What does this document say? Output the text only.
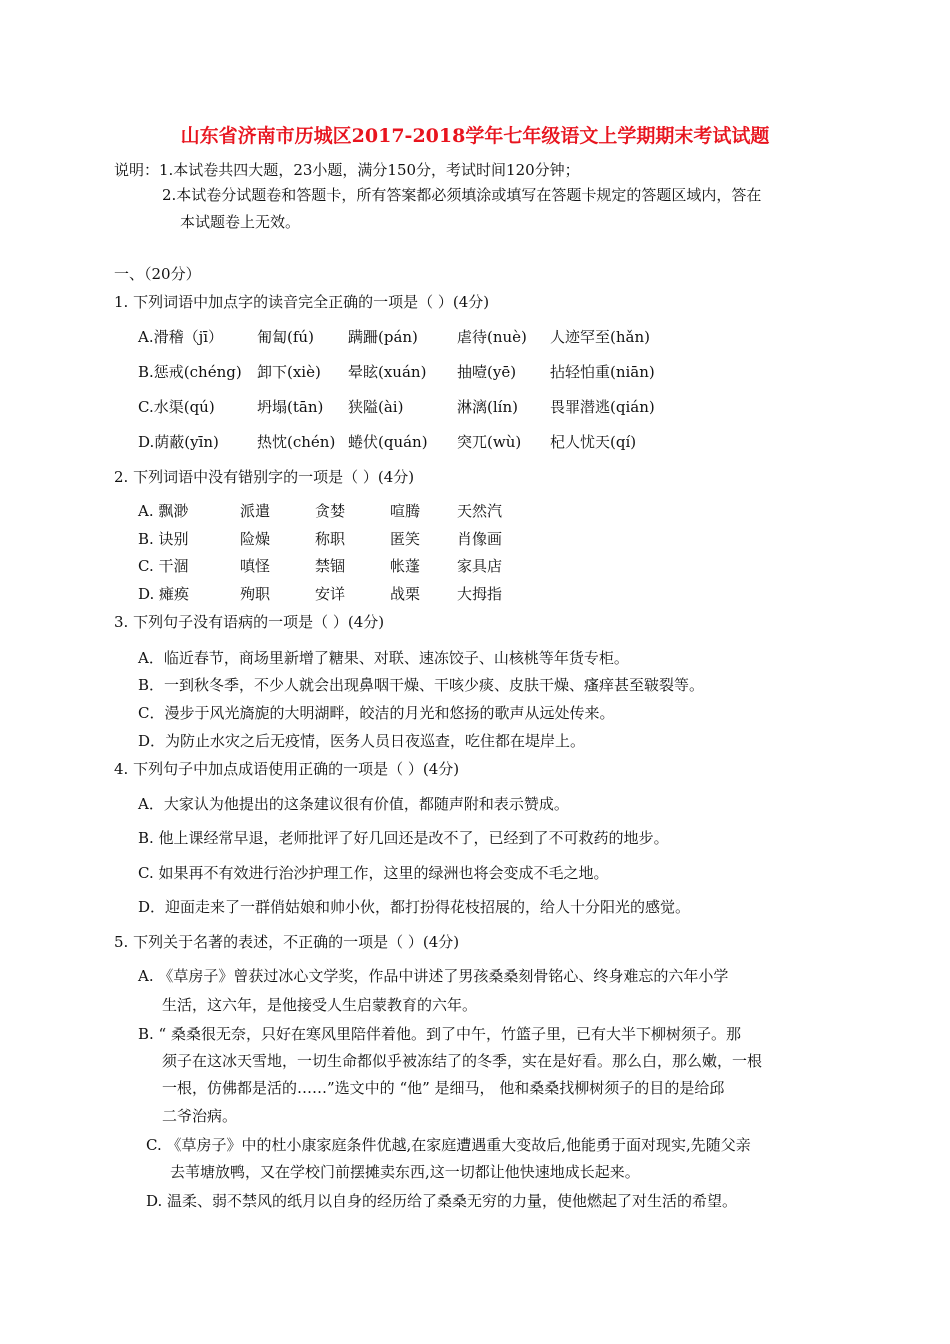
山东省济南市历城区2017-2018学年七年级语文上学期期末考试试题
说明：1.本试卷共四大题，23小题，满分150分，考试时间120分钟；
2.本试卷分试题卷和答题卡，所有答案都必须填涂或填写在答题卡规定的答题区域内，答在
本试题卷上无效。
一、（20分）
1. 下列词语中加点字的读音完全正确的一项是（ ）(4分)
A.滑稽（jī） 匍匐(fú) 蹒跚(pán)	虐待(nuè) 人迹罕至(hǎn)
B.惩戒(chéng) 卸下(xiè) 晕眩(xuán) 抽噎(yē) 拈轻怕重(niān)
C.水渠(qú)	坍塌(tān) 狭隘(ài)	淋漓(lín) 畏罪潜逃(qián)
D.荫蔽(yīn)	热忱(chén) 蜷伏(quán) 突兀(wù) 杞人忧天(qí)
2. 下列词语中没有错别字的一项是（ ）(4分)
A. 飘渺	派遣	贪婪	喧腾 天然汽
B. 诀别	险燥	称职	匿笑 肖像画
C. 干涸	嗔怪	禁锢	帐蓬 家具店
D. 瘫痪	殉职	安详	战栗 大拇指
3. 下列句子没有语病的一项是（ ）(4分)
A．临近春节，商场里新增了糖果、对联、速冻饺子、山核桃等年货专柜。
B．一到秋冬季，不少人就会出现鼻咽干燥、干咳少痰、皮肤干燥、瘙痒甚至皲裂等。
C．漫步于风光旖旎的大明湖畔，皎洁的月光和悠扬的歌声从远处传来。
D．为防止水灾之后无疫情，医务人员日夜巡查，吃住都在堤岸上。
4. 下列句子中加点成语使用正确的一项是（ ）(4分)
A．大家认为他提出的这条建议很有价值，都随声附和表示赞成。
B. 他上课经常早退，老师批评了好几回还是改不了，已经到了不可救药的地步。
C. 如果再不有效进行治沙护理工作，这里的绿洲也将会变成不毛之地。
D．迎面走来了一群俏姑娘和帅小伙，都打扮得花枝招展的，给人十分阳光的感觉。
5. 下列关于名著的表述，不正确的一项是（ ）(4分)
A. 《草房子》曾获过冰心文学奖，作品中讲述了男孩桑桑刻骨铭心、终身难忘的六年小学
生活，这六年，是他接受人生启蒙教育的六年。
B. “ 桑桑很无奈，只好在寒风里陪伴着他。到了中午，竹篮子里，已有大半下柳树须子。那
须子在这冰天雪地，一切生命都似乎被冻结了的冬季，实在是好看。那么白，那么嫩，一根
一根，仿佛都是活的……”选文中的 “他” 是细马， 他和桑桑找柳树须子的目的是给邱
二爷治病。
C. 《草房子》中的杜小康家庭条件优越,在家庭遭遇重大变故后,他能勇于面对现实,先随父亲
去苇塘放鸭，又在学校门前摆摊卖东西,这一切都让他快速地成长起来。
D. 温柔、弱不禁风的纸月以自身的经历给了桑桑无穷的力量，使他燃起了对生活的希望。
